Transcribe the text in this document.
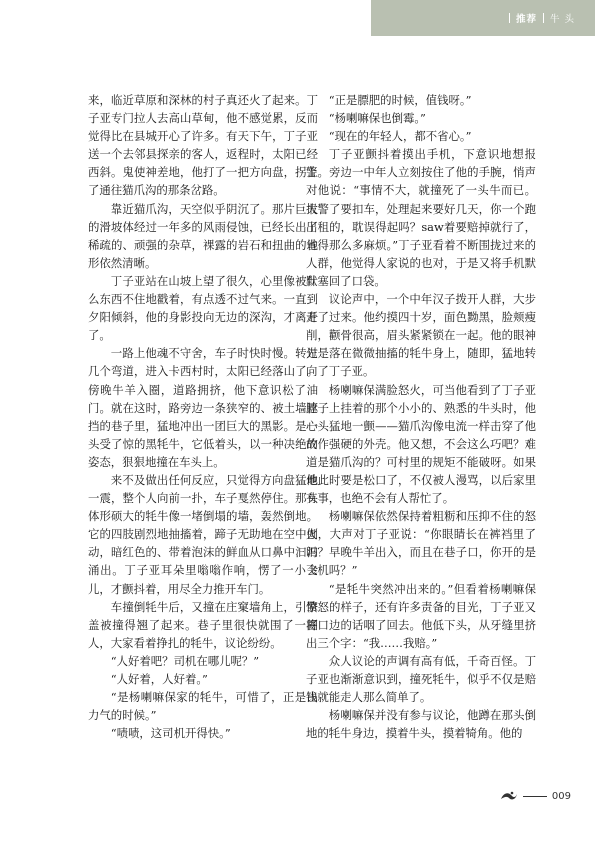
推荐 牛 头

来，临近草原和深林的村子真还火了起来。丁子亚专门拉人去高山草甸，他不感觉累，反而觉得比在县城开心了许多。有天下午，丁子亚送一个去邻县探亲的客人，返程时，太阳已经西斜。鬼使神差地，他打了一把方向盘，拐上了通往猫爪沟的那条岔路。

靠近猫爪沟，天空似乎阴沉了。那片巨大的滑坡体经过一年多的风雨侵蚀，已经长出了稀疏的、顽强的杂草，裸露的岩石和扭曲的地形依然清晰。

丁子亚站在山坡上望了很久，心里像被什么东西不住地戳着，有点透不过气来。一直到夕阳倾斜，他的身影投向无边的深沟，才离开了。

一路上他魂不守舍，车子时快时慢。转过几个弯道，进入卡西村时，太阳已经落山了。傍晚牛羊入圈，道路拥挤，他下意识松了油门。就在这时，路旁边一条狭窄的、被土墙遮挡的巷子里，猛地冲出一团巨大的黑影。是一头受了惊的黑牦牛，它低着头，以一种决绝的姿态，狠狠地撞在车头上。

来不及做出任何反应，只觉得方向盘猛地一震，整个人向前一扑，车子戛然停住。那头体形硕大的牦牛像一堵倒塌的墙，轰然倒地。它的四肢剧烈地抽搐着，蹄子无助地在空中刨动，暗红色的、带着泡沫的鲜血从口鼻中汩汩涌出。丁子亚耳朵里嗡嗡作响，愣了一小会儿，才颤抖着，用尽全力推开车门。

车撞倒牦牛后，又撞在庄窠墙角上，引擎盖被撞得翘了起来。巷子里很快就围了一圈人，大家看着挣扎的牦牛，议论纷纷。

“人好着吧？司机在哪儿呢？”

“人好着，人好着。”

“是杨喇嘛保家的牦牛，可惜了，正是出力气的时候。”

“啧啧，这司机开得快。”

“正是膘肥的时候，值钱呀。”

“杨喇嘛保也倒霉。”

“现在的年轻人，都不省心。”

丁子亚颤抖着摸出手机，下意识地想报警。旁边一中年人立刻按住了他的手腕，悄声对他说：“事情不大，就撞死了一头牛而已。报警了要扣车，处理起来要好几天，你一个跑出租的，耽误得起吗？saw着要赔掉就行了，省得那么多麻烦。”丁子亚看着不断围拢过来的人群，他觉得人家说的也对，于是又将手机默默塞回了口袋。

议论声中，一个中年汉子拨开人群，大步走了过来。他约摸四十岁，面色黝黑，脸颊瘦削，颧骨很高，眉头紧紧锁在一起。他的眼神先是落在微微抽搐的牦牛身上，随即，猛地转向了丁子亚。

杨喇嘛保满脸怒火，可当他看到了丁子亚脖子上挂着的那个小小的、熟悉的牛头时，他心头猛地一颤——猫爪沟像电流一样击穿了他故作强硬的外壳。他又想，不会这么巧吧？难道是猫爪沟的？可村里的规矩不能破呀。如果他此时要是松口了，不仅被人漫骂，以后家里有事，也绝不会有人帮忙了。

杨喇嘛保依然保持着粗粝和压抑不住的怒火，大声对丁子亚说：“你眼睛长在裤裆里了吗？早晚牛羊出入，而且在巷子口，你开的是飞机吗？”

“是牦牛突然冲出来的。”但看着杨喇嘛保愤怒的样子，还有许多责备的目光，丁子亚又将口边的话咽了回去。他低下头，从牙缝里挤出三个字：“我……我赔。”

众人议论的声调有高有低，千奇百怪。丁子亚也渐渐意识到，撞死牦牛，似乎不仅是赔钱就能走人那么简单了。

杨喇嘛保并没有参与议论，他蹲在那头倒地的牦牛身边，摸着牛头，摸着犄角。他的

009
